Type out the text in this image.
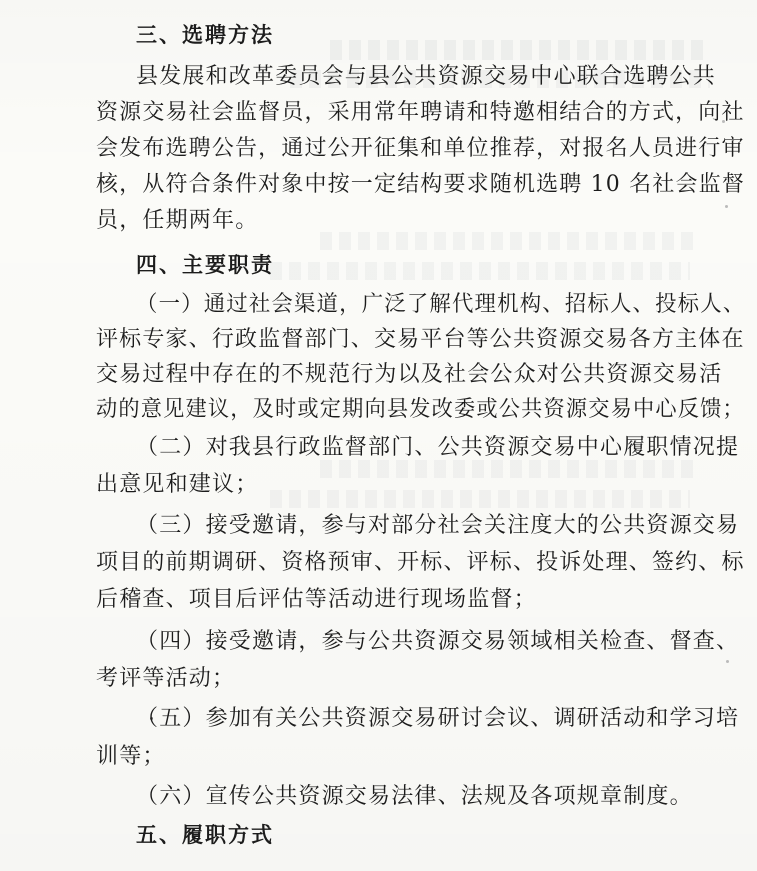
三、选聘方法
县发展和改革委员会与县公共资源交易中心联合选聘公共
资源交易社会监督员，采用常年聘请和特邀相结合的方式，向社
会发布选聘公告，通过公开征集和单位推荐，对报名人员进行审
核，从符合条件对象中按一定结构要求随机选聘 10 名社会监督
员，任期两年。
四、主要职责
（一）通过社会渠道，广泛了解代理机构、招标人、投标人、
评标专家、行政监督部门、交易平台等公共资源交易各方主体在
交易过程中存在的不规范行为以及社会公众对公共资源交易活
动的意见建议，及时或定期向县发改委或公共资源交易中心反馈；
（二）对我县行政监督部门、公共资源交易中心履职情况提
出意见和建议；
（三）接受邀请，参与对部分社会关注度大的公共资源交易
项目的前期调研、资格预审、开标、评标、投诉处理、签约、标
后稽查、项目后评估等活动进行现场监督；
（四）接受邀请，参与公共资源交易领域相关检查、督查、
考评等活动；
（五）参加有关公共资源交易研讨会议、调研活动和学习培
训等；
（六）宣传公共资源交易法律、法规及各项规章制度。
五、履职方式
